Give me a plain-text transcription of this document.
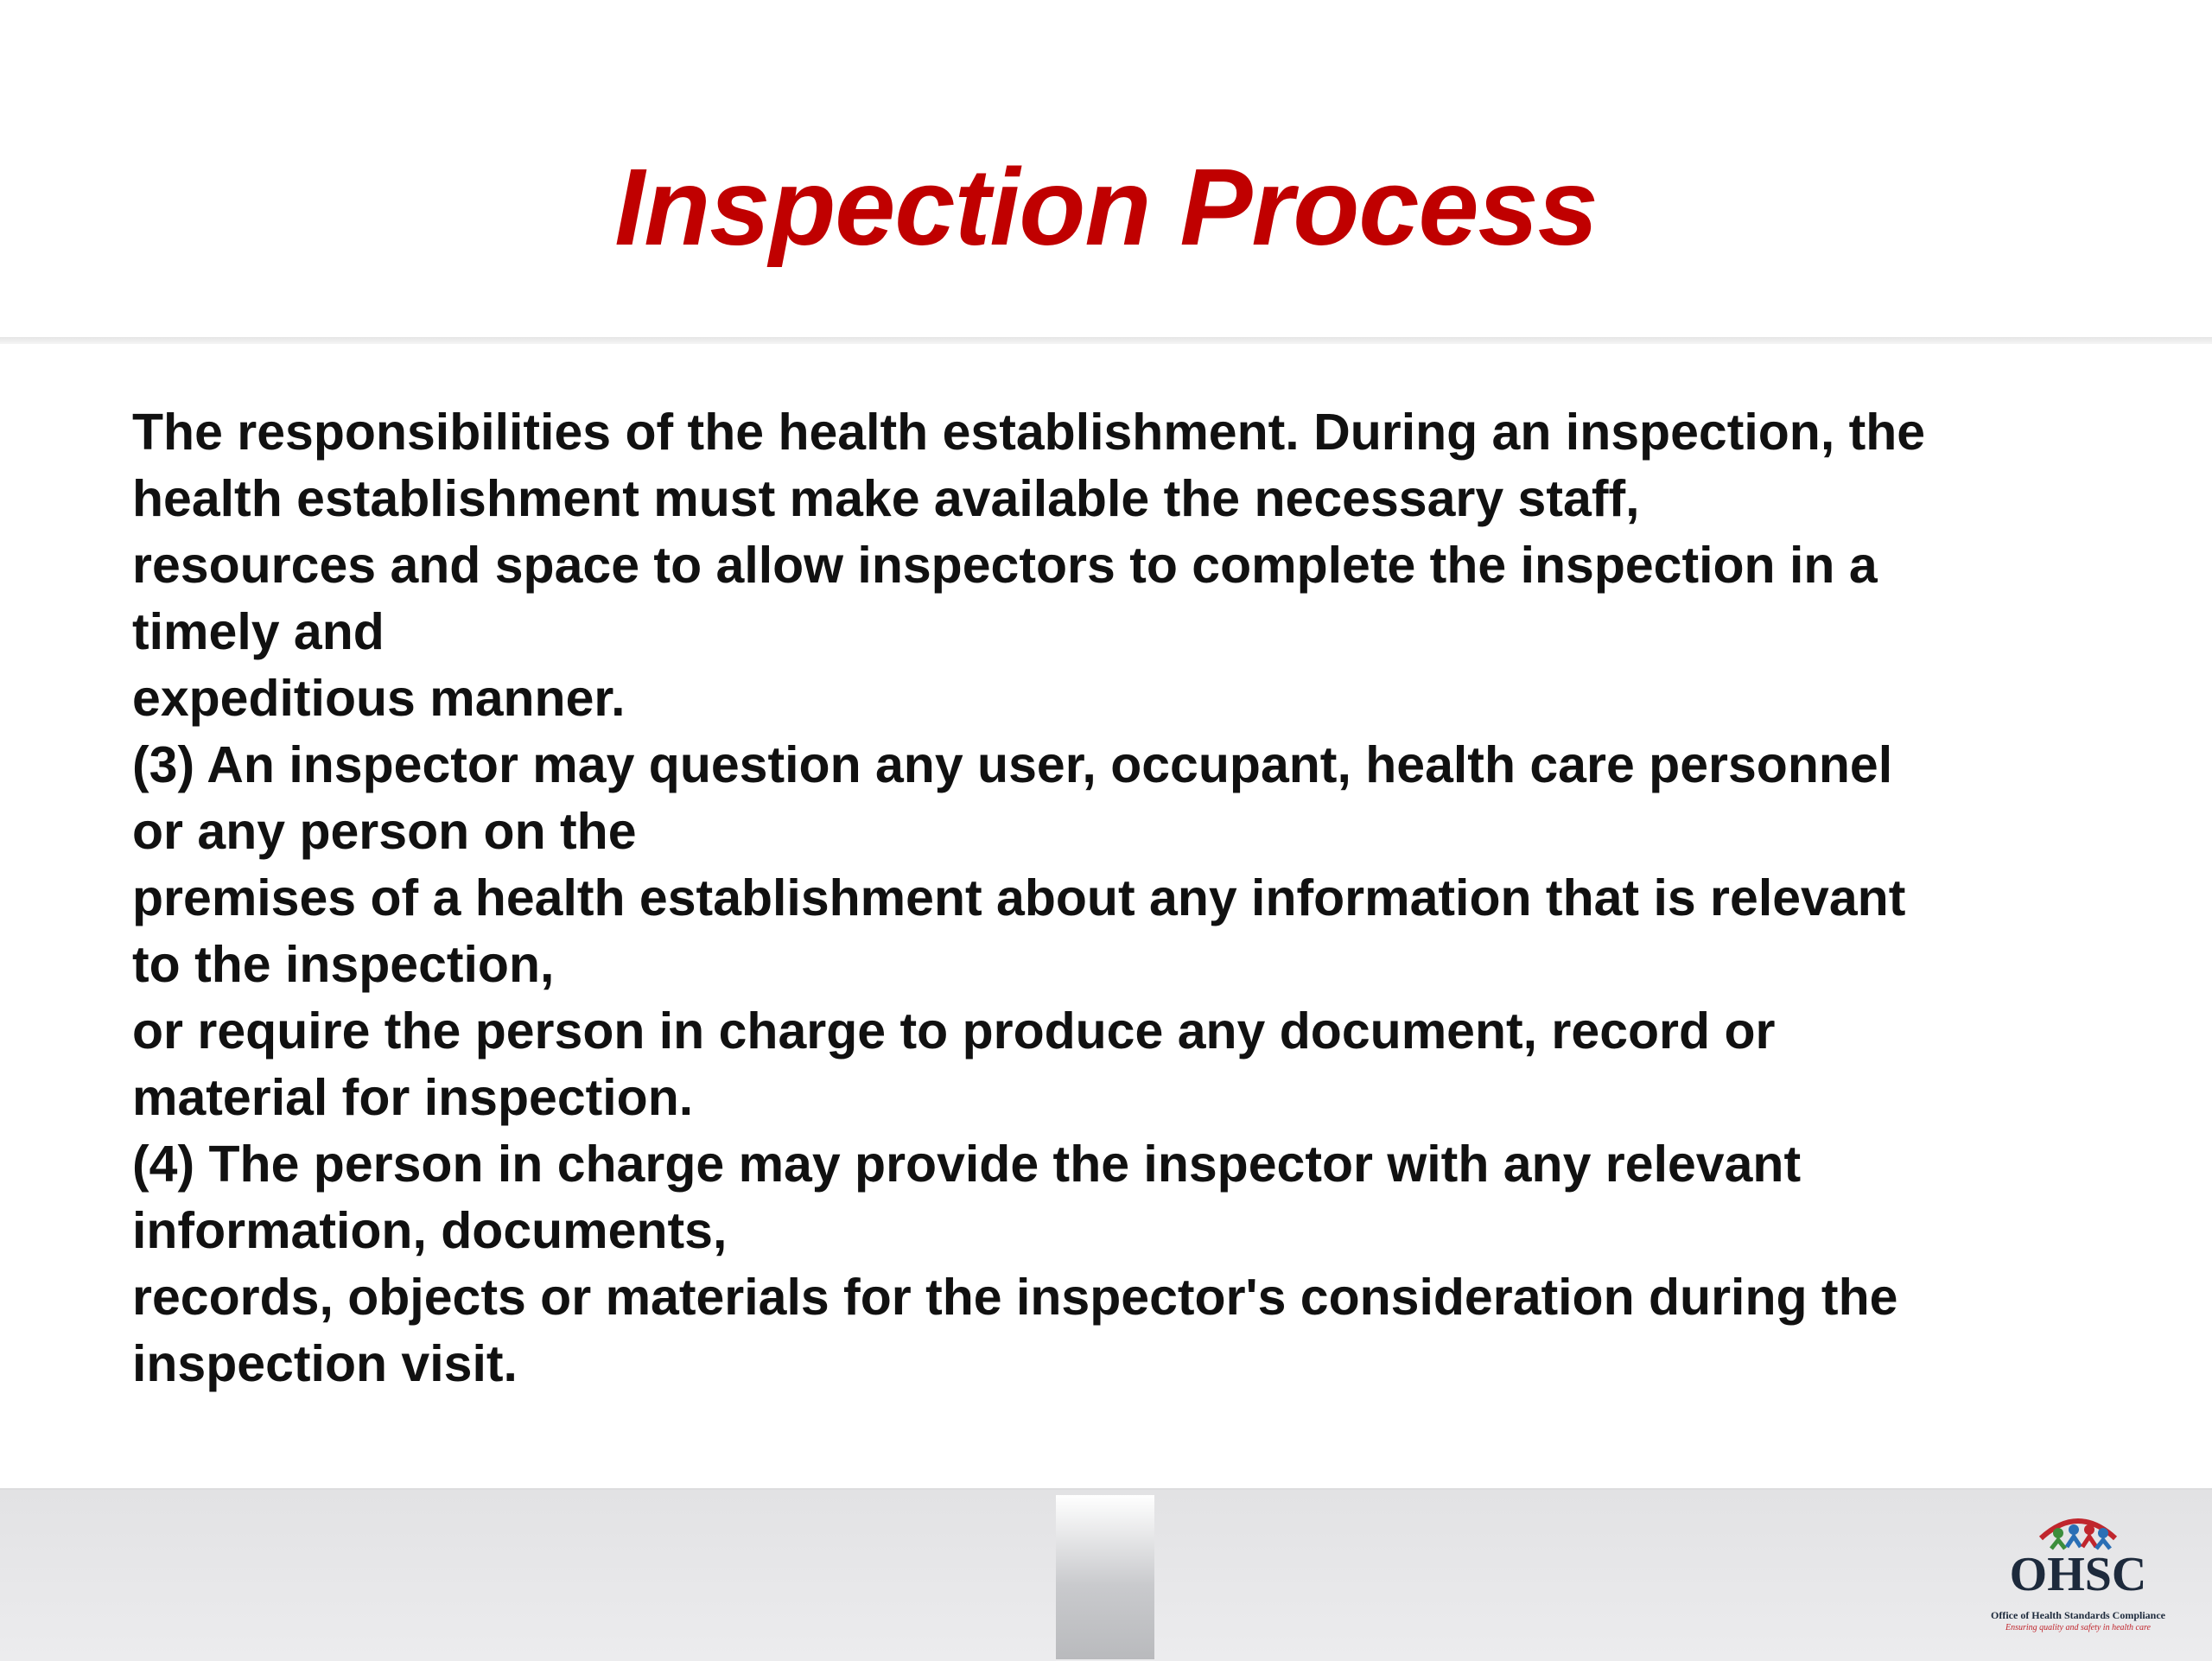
Inspection Process
The responsibilities of the health establishment. During an inspection, the
health establishment must make available the necessary staff,
resources and space to allow inspectors to complete the inspection in a
timely and
expeditious manner.
(3) An inspector may question any user, occupant, health care personnel
or any person on the
premises of a health establishment about any information that is relevant
to the inspection,
or require the person in charge to produce any document, record or
material for inspection.
(4) The person in charge may provide the inspector with any relevant
information, documents,
records, objects or materials for the inspector's consideration during the
inspection visit.
OHSC
Office of Health Standards Compliance
Ensuring quality and safety in health care
